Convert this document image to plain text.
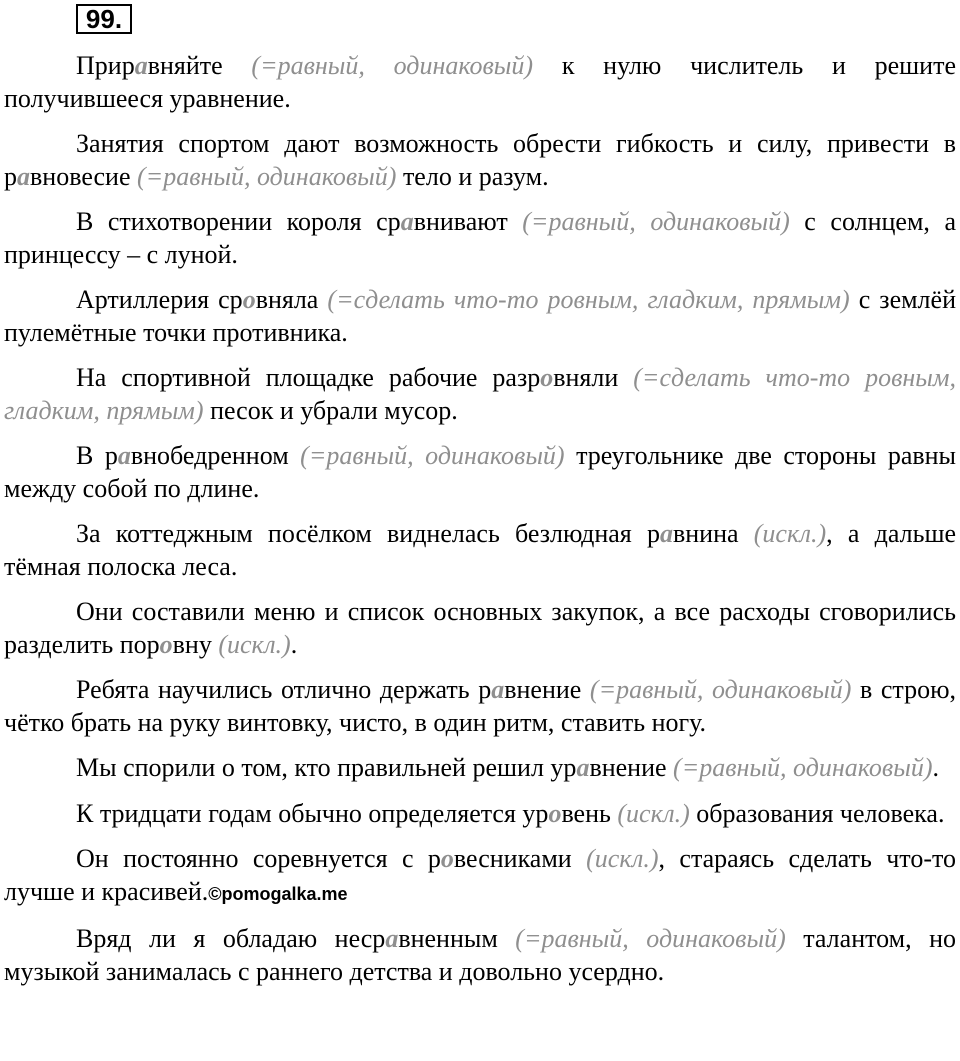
99.

Приравняйте (=равный, одинаковый) к нулю числитель и решите получившееся уравнение.

Занятия спортом дают возможность обрести гибкость и силу, привести в равновесие (=равный, одинаковый) тело и разум.

В стихотворении короля сравнивают (=равный, одинаковый) с солнцем, а принцессу – с луной.

Артиллерия сровняла (=сделать что-то ровным, гладким, прямым) с землёй пулемётные точки противника.

На спортивной площадке рабочие разровняли (=сделать что-то ровным, гладким, прямым) песок и убрали мусор.

В равнобедренном (=равный, одинаковый) треугольнике две стороны равны между собой по длине.

За коттеджным посёлком виднелась безлюдная равнина (искл.), а дальше тёмная полоска леса.

Они составили меню и список основных закупок, а все расходы сговорились разделить поровну (искл.).

Ребята научились отлично держать равнение (=равный, одинаковый) в строю, чётко брать на руку винтовку, чисто, в один ритм, ставить ногу.

Мы спорили о том, кто правильней решил уравнение (=равный, одинаковый).

К тридцати годам обычно определяется уровень (искл.) образования человека.

Он постоянно соревнуется с ровесниками (искл.), стараясь сделать что-то лучше и красивей.©pomogalka.me

Вряд ли я обладаю несравненным (=равный, одинаковый) талантом, но музыкой занималась с раннего детства и довольно усердно.
